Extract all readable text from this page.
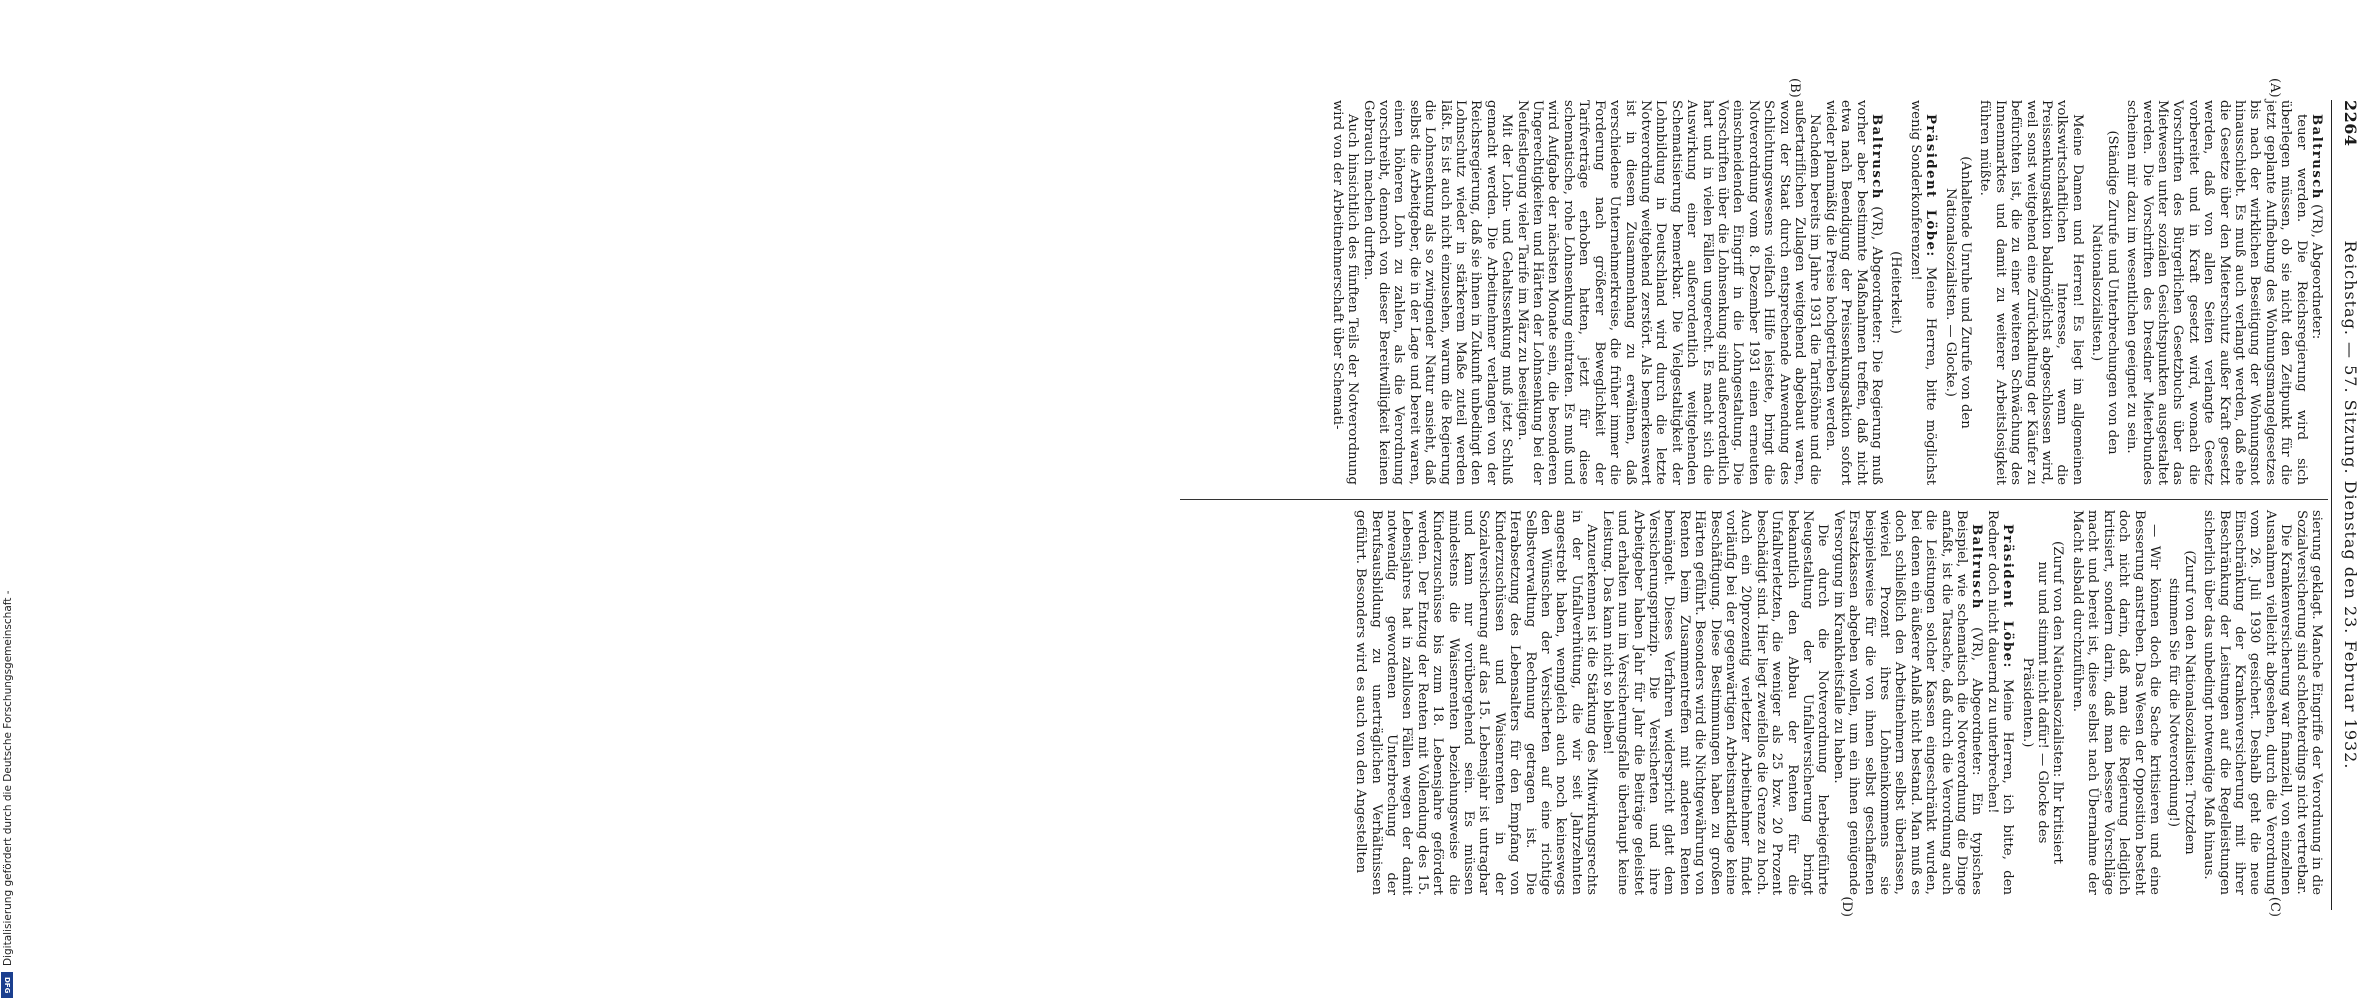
Digitalisierung gefördert durch die Deutsche Forschungsgemeinschaft -
DFG
2264
Reichstag. — 57. Sitzung. Dienstag den 23. Februar 1932.
(A)
(B)

Baltrusch (VR), Abgeordneter:

teuer werden. Die Reichsregierung wird sich überlegen müssen, ob sie nicht den Zeitpunkt für die jetzt geplante Aufhebung des Wohnungsmangelgesetzes bis nach der wirklichen Beseitigung der Wohnungsnot hinausschiebt. Es muß auch verlangt werden, daß ehe die Gesetze über den Mieterschutz außer Kraft gesetzt werden, daß von allen Seiten verlangte Gesetz vorbereitet und in Kraft gesetzt wird, wonach die Vorschriften des Bürgerlichen Gesetzbuchs über das Mietwesen unter sozialen Gesichtspunkten ausgestaltet werden. Die Vorschriften des Dresdner Mieterbundes scheinen mir dazu im wesentlichen geeignet zu sein.

(Ständige Zurufe und Unterbrechungen von den Nationalsozialisten.)

Meine Damen und Herren! Es liegt im allgemeinen volkswirtschaftlichen Interesse, wenn die Preissenkungsaktion baldmöglichst abgeschlossen wird, weil sonst weitgehend eine Zurückhaltung der Käufer zu befürchten ist, die zu einer weiteren Schwächung des Innenmarktes und damit zu weiterer Arbeitslosigkeit führen müßte.

(Anhaltende Unruhe und Zurufe von den Nationalsozialisten. — Glocke.)

Präsident Löbe: Meine Herren, bitte möglichst wenig Sonderkonferenzen!

(Heiterkeit.)

Baltrusch (VR), Abgeordneter: Die Regierung muß vorher aber bestimmte Maßnahmen treffen, daß nicht etwa nach Beendigung der Preissenkungsaktion sofort wieder planmäßig die Preise hochgetrieben werden.

Nachdem bereits im Jahre 1931 die Tarifsöhne und die außertariflichen Zulagen weitgehend abgebaut waren, wozu der Staat durch entsprechende Anwendung des Schlichtungswesens vielfach Hilfe leistete, bringt die Notverordnung vom 8. Dezember 1931 einen erneuten einschneidenden Eingriff in die Lohngestaltung. Die Vorschriften über die Lohnsenkung sind außerordentlich hart und in vielen Fällen ungerecht. Es macht sich die Auswirkung einer außerordentlich weitgehenden Schematisierung bemerkbar. Die Vielgestaltigkeit der Lohnbildung in Deutschland wird durch die letzte Notverordnung weitgehend zerstört. Als bemerkenswert ist in diesem Zusammenhang zu erwähnen, daß verschiedene Unternehmerkreise, die früher immer die Forderung nach größerer Beweglichkeit der Tarifverträge erhoben hatten, jetzt für diese schematische, rohe Lohnsenkung eintraten. Es muß und wird Aufgabe der nächsten Monate sein, die besonderen Ungerechtigkeiten und Härten der Lohnsenkung bei der Neufestlegung vieler Tarife im März zu beseitigen.

Mit der Lohn- und Gehaltssenkung muß jetzt Schluß gemacht werden. Die Arbeitnehmer verlangen von der Reichsregierung, daß sie ihnen in Zukunft unbedingt den Lohnschutz wieder in stärkerem Maße zuteil werden läßt. Es ist auch nicht einzusehen, warum die Regierung die Lohnsenkung als so zwingender Natur ansieht, daß selbst die Arbeitgeber, die in der Lage und bereit waren, einen höheren Lohn zu zahlen, als die Verordnung vorschreibt, dennoch von dieser Bereitwilligkeit keinen Gebrauch machen durften.

Auch hinsichtlich des fünften Teils der Notverordnung wird von der Arbeitnehmerschaft über Schemati-

(C)
(D)

sierung geklagt. Manche Eingriffe der Verordnung in die Sozialversicherung sind schlechterdings nicht vertretbar.

Die Krankenversicherung war finanziell, von einzelnen Ausnahmen vielleicht abgesehen, durch die Verordnung vom 26. Juli 1930 gesichert. Deshalb geht die neue Einschränkung der Krankenversicherung mit ihrer Beschränkung der Leistungen auf die Regelleistungen sicherlich über das unbedingt notwendige Maß hinaus.

(Zuruf von den Nationalsozialisten: Trotzdem stimmen Sie für die Notverordnung!)

— Wir können doch die Sache kritisieren und eine Besserung anstreben. Das Wesen der Opposition besteht doch nicht darin, daß man die Regierung lediglich kritisiert, sondern darin, daß man bessere Vorschläge macht und bereit ist, diese selbst nach Übernahme der Macht alsbald durchzuführen.

(Zuruf von den Nationalsozialisten: Ihr kritisiert nur und stimmt nicht dafür! — Glocke des Präsidenten.)

Präsident Löbe: Meine Herren, ich bitte, den Redner doch nicht dauernd zu unterbrechen!

Baltrusch (VR), Abgeordneter: Ein typisches Beispiel, wie schematisch die Notverordnung die Dinge anfaßt, ist die Tatsache, daß durch die Verordnung auch die Leistungen solcher Kassen eingeschränkt wurden, bei denen ein äußerer Anlaß nicht bestand. Man muß es doch schließlich den Arbeitnehmern selbst überlassen, wieviel Prozent ihres Lohneinkommens sie beispielsweise für die von ihnen selbst geschaffenen Ersatzkassen abgeben wollen, um ein ihnen genügende Versorgung im Krankheitsfalle zu haben.

Die durch die Notverordnung herbeigeführte Neugestaltung der Unfallversicherung bringt bekanntlich den Abbau der Renten für die Unfallverletzten, die weniger als 25 bzw. 20 Prozent beschädigt sind. Hier liegt zweifellos die Grenze zu hoch. Auch ein 20prozentig verletzter Arbeitnehmer findet vorläufig bei der gegenwärtigen Arbeitsmarktlage keine Beschäftigung. Diese Bestimmungen haben zu großen Härten geführt. Besonders wird die Nichtgewährung von Renten beim Zusammentreffen mit anderen Renten bemängelt. Dieses Verfahren widerspricht glatt dem Versicherungsprinzip. Die Versicherten und ihre Arbeitgeber haben Jahr für Jahr die Beiträge geleistet und erhalten nun im Versicherungsfalle überhaupt keine Leistung. Das kann nicht so bleiben!

Anzuerkennen ist die Stärkung des Mitwirkungsrechts in der Unfallverhütung, die wir seit Jahrzehnten angestrebt haben, wenngleich auch noch keineswegs den Wünschen der Versicherten auf eine richtige Selbstverwaltung Rechnung getragen ist. Die Herabsetzung des Lebensalters für den Empfang von Kinderzuschüssen und Waisenrenten in der Sozialversicherung auf das 15. Lebensjahr ist untragbar und kann nur vorübergehend sein. Es müssen mindestens die Waisenrenten beziehungsweise die Kinderzuschüsse bis zum 18. Lebensjahre gefördert werden. Der Entzug der Renten mit Vollendung des 15. Lebensjahres hat in zahllosen Fällen wegen der damit notwendig gewordenen Unterbrechung der Berufsausbildung zu unerträglichen Verhältnissen geführt. Besonders wird es auch von den Angestellten
